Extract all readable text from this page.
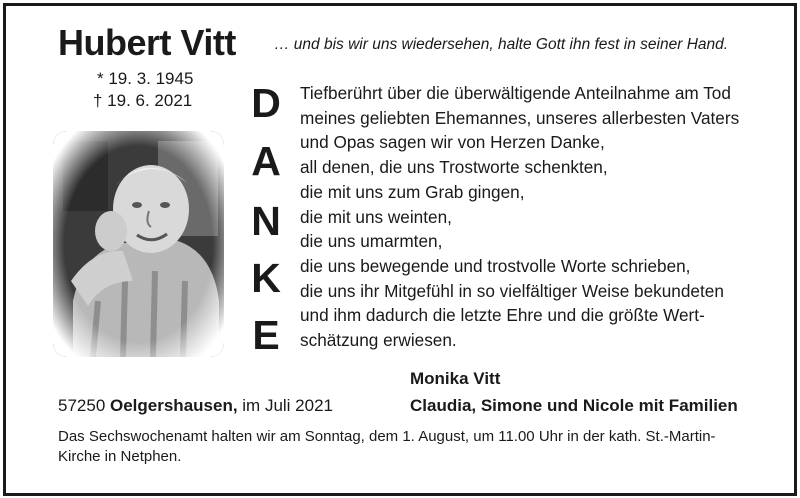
Hubert Vitt … und bis wir uns wiedersehen, halte Gott ihn fest in seiner Hand.
* 19. 3. 1945
† 19. 6. 2021 D
A
N
K
E
Tiefberührt über die überwältigende Anteilnahme am Tod
meines geliebten Ehemannes, unseres allerbesten Vaters
und Opas sagen wir von Herzen Danke,
all denen, die uns Trostworte schenkten,
die mit uns zum Grab gingen,
die mit uns weinten,
die uns umarmten,
die uns bewegende und trostvolle Worte schrieben,
die uns ihr Mitgefühl in so vielfältiger Weise bekundeten
und ihm dadurch die letzte Ehre und die größte Wert-
schätzung erwiesen.
Monika Vitt
57250 Oelgershausen, im Juli 2021	Claudia, Simone und Nicole mit Familien
Das Sechswochenamt halten wir am Sonntag, dem 1. August, um 11.00 Uhr in der kath. St.-Martin-
Kirche in Netphen.
